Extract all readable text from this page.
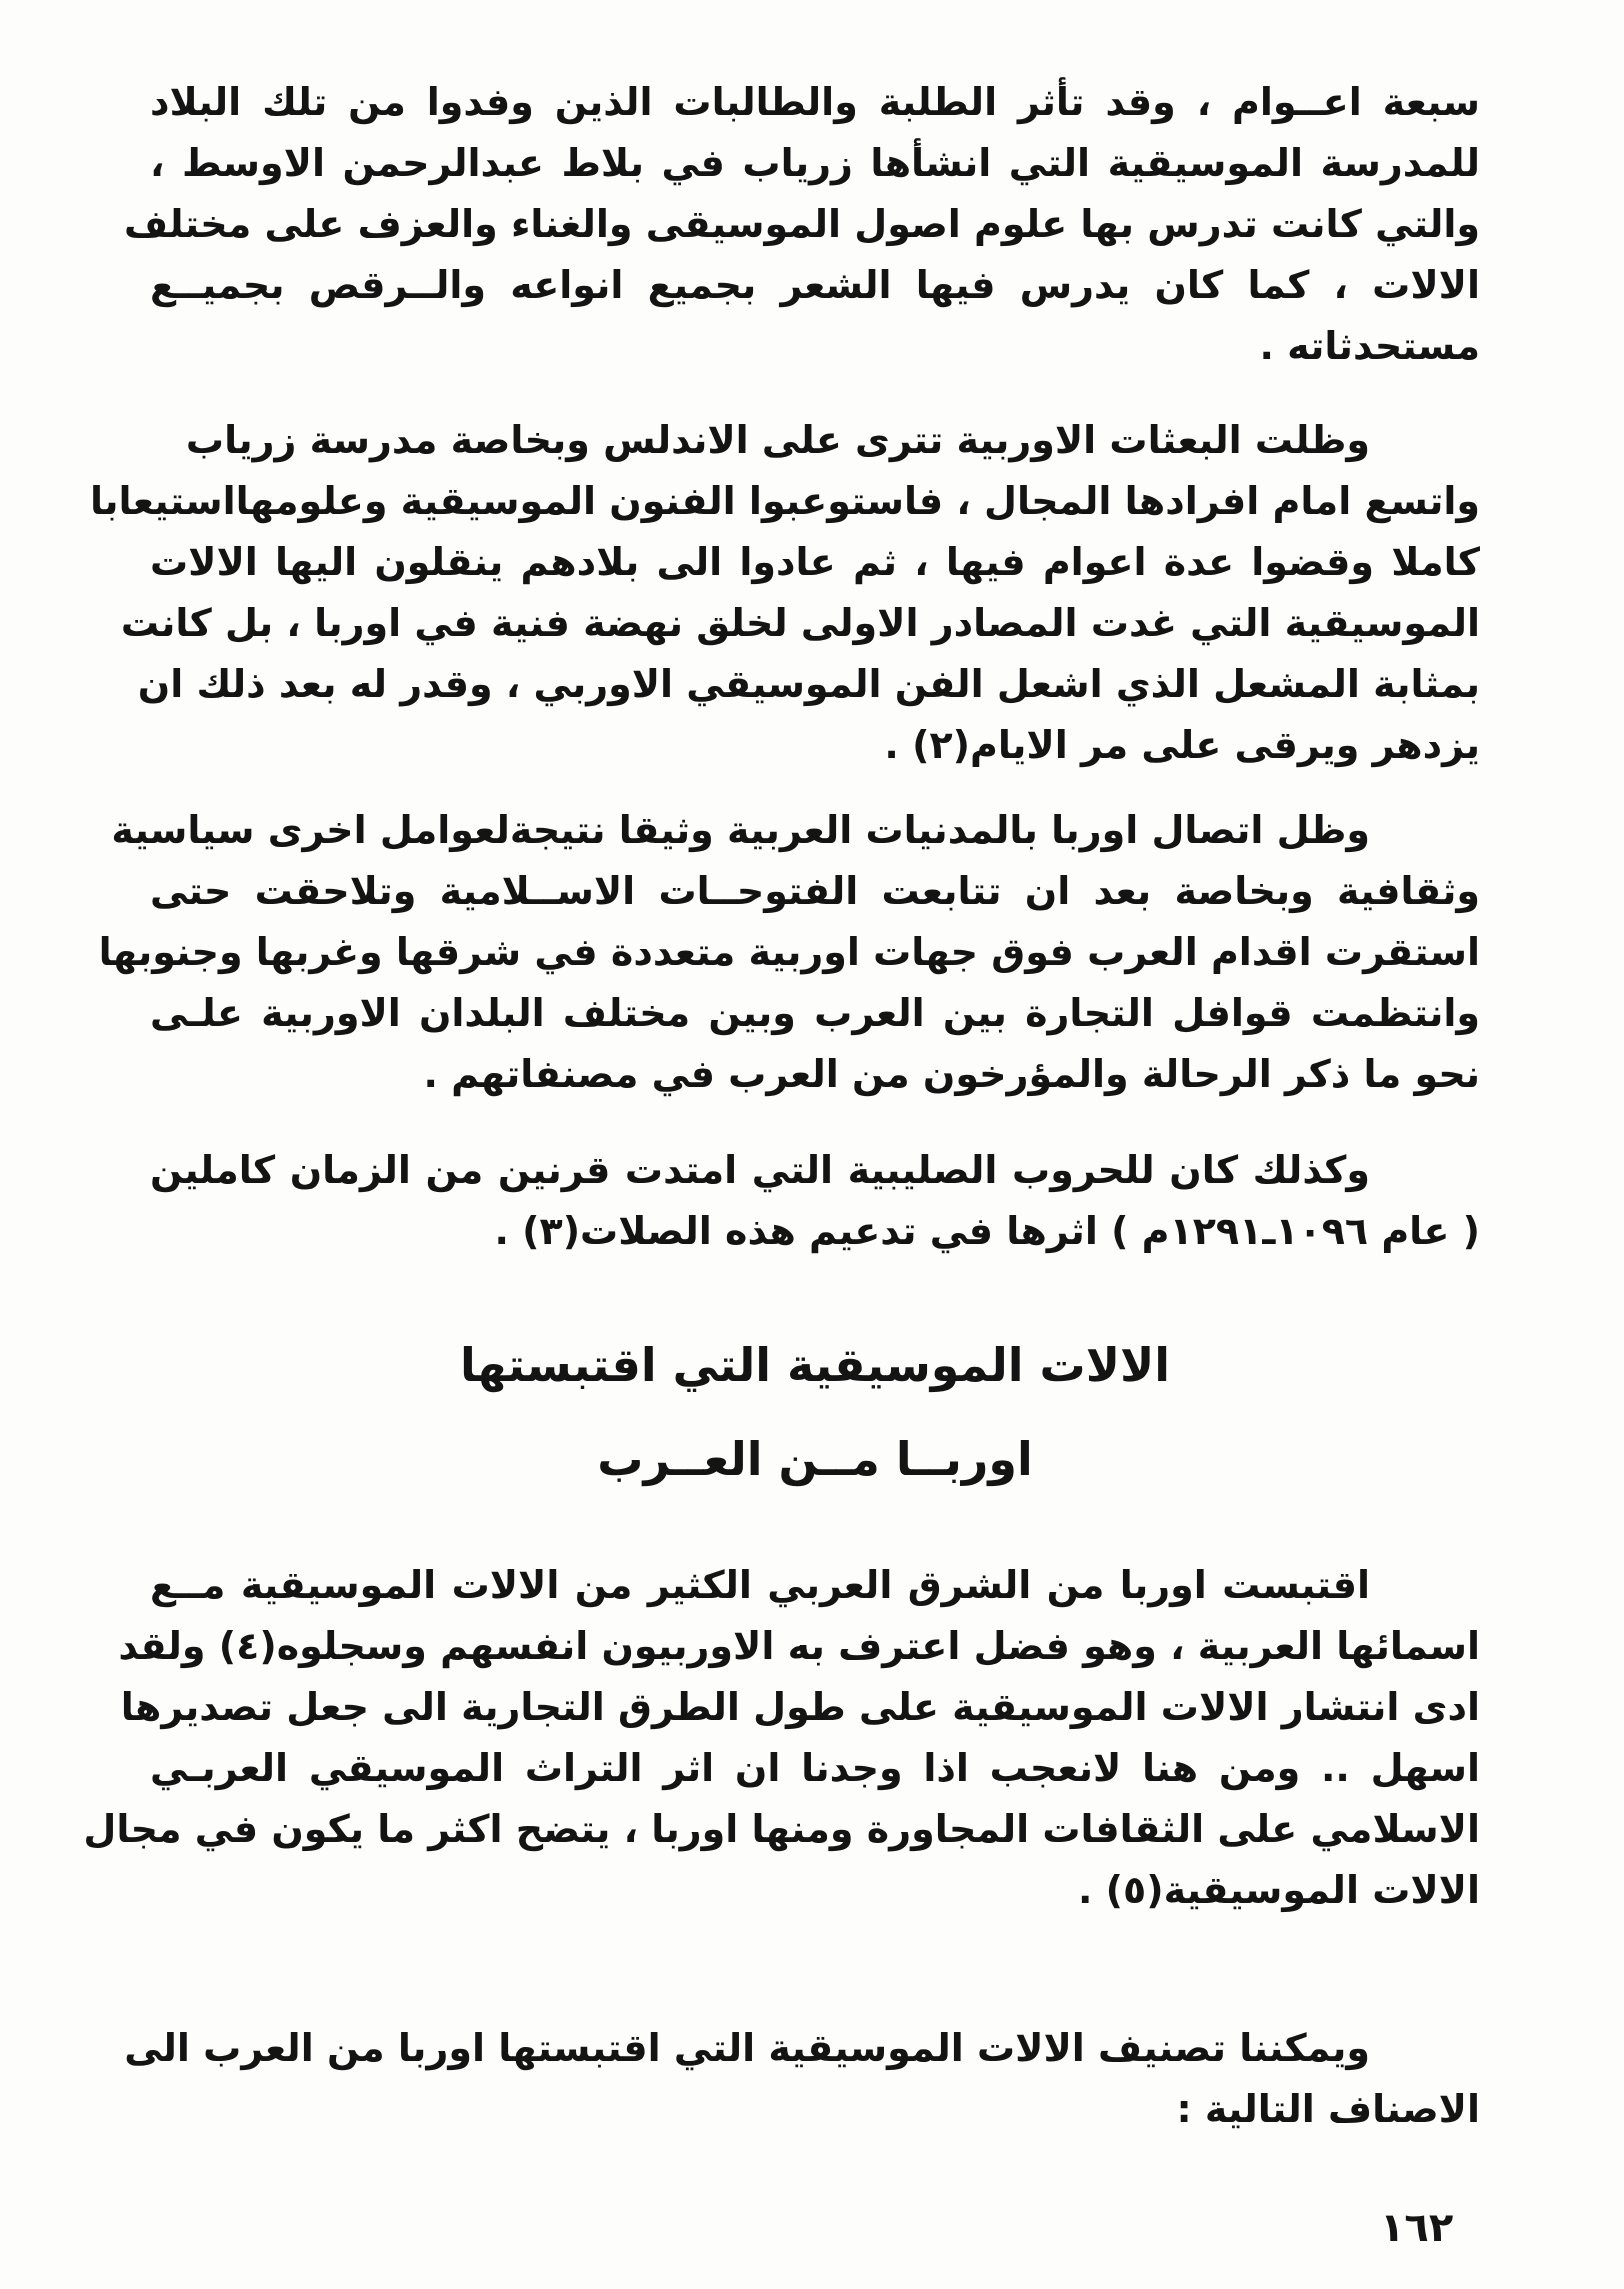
سبعة اعــوام ، وقد تأثر الطلبة والطالبات الذين وفدوا من تلك البلاد
للمدرسة الموسيقية التي انشأها زرياب في بلاط عبدالرحمن الاوسط ،
والتي كانت تدرس بها علوم اصول الموسيقى والغناء والعزف على مختلف
الالات ، كما كان يدرس فيها الشعر بجميع انواعه والــرقص بجميــع
مستحدثاته .
وظلت البعثات الاوربية تترى على الاندلس وبخاصة مدرسة زرياب
واتسع امام افرادها المجال ، فاستوعبوا الفنون الموسيقية وعلومهااستيعابا
كاملا وقضوا عدة اعوام فيها ، ثم عادوا الى بلادهم ينقلون اليها الالات
الموسيقية التي غدت المصادر الاولى لخلق نهضة فنية في اوربا ، بل كانت
بمثابة المشعل الذي اشعل الفن الموسيقي الاوربي ، وقدر له بعد ذلك ان
يزدهر ويرقى على مر الايام(٢) .
وظل اتصال اوربا بالمدنيات العربية وثيقا نتيجةلعوامل اخرى سياسية
وثقافية وبخاصة بعد ان تتابعت الفتوحــات الاســلامية وتلاحقت حتى
استقرت اقدام العرب فوق جهات اوربية متعددة في شرقها وغربها وجنوبها
وانتظمت قوافل التجارة بين العرب وبين مختلف البلدان الاوربية علـى
نحو ما ذكر الرحالة والمؤرخون من العرب في مصنفاتهم .
وكذلك كان للحروب الصليبية التي امتدت قرنين من الزمان كاملين
( عام ١٠٩٦ـ١٢٩١م ) اثرها في تدعيم هذه الصلات(٣) .
الالات الموسيقية التي اقتبستها
اوربــا مــن العــرب
اقتبست اوربا من الشرق العربي الكثير من الالات الموسيقية مــع
اسمائها العربية ، وهو فضل اعترف به الاوربيون انفسهم وسجلوه(٤) ولقد
ادى انتشار الالات الموسيقية على طول الطرق التجارية الى جعل تصديرها
اسهل .. ومن هنا لانعجب اذا وجدنا ان اثر التراث الموسيقي العربـي
الاسلامي على الثقافات المجاورة ومنها اوربا ، يتضح اكثر ما يكون في مجال
الالات الموسيقية(٥) .
ويمكننا تصنيف الالات الموسيقية التي اقتبستها اوربا من العرب الى
الاصناف التالية :
١٦٢
